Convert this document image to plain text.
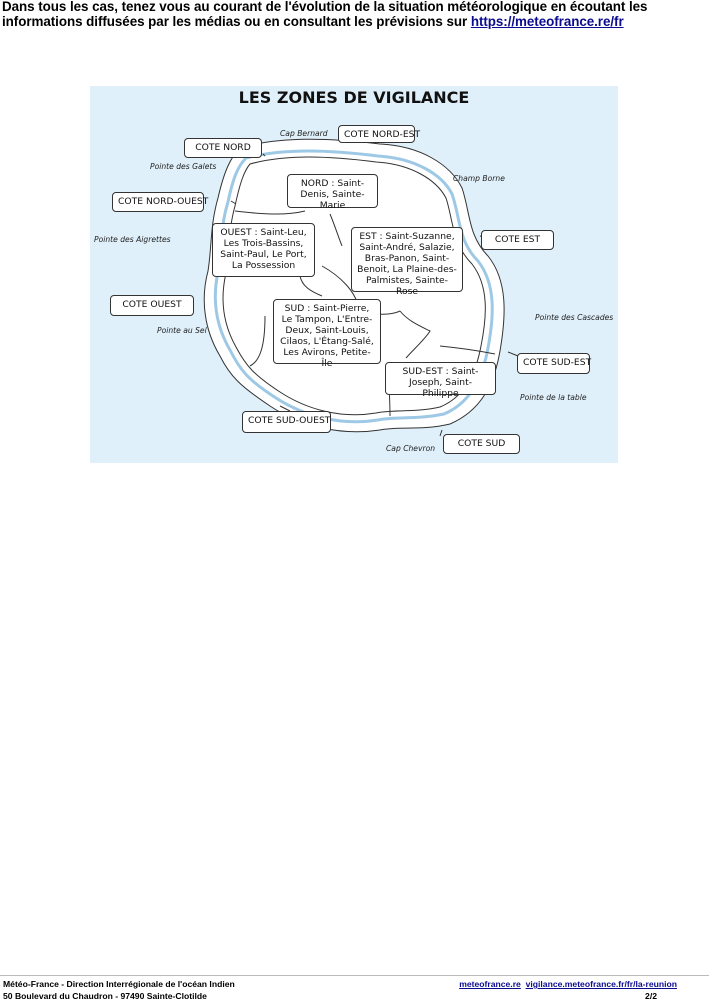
Dans tous les cas, tenez vous au courant de l'évolution de la situation météorologique en écoutant les informations diffusées par les médias ou en consultant les prévisions sur https://meteofrance.re/fr
LES ZONES DE VIGILANCE
NORD : Saint-Denis, Sainte-Marie
OUEST : Saint-Leu, Les Trois-Bassins, Saint-Paul, Le Port, La Possession
EST : Saint-Suzanne, Saint-André, Salazie, Bras-Panon, Saint-Benoit, La Plaine-des-Palmistes, Sainte-Rose
SUD : Saint-Pierre, Le Tampon, L'Entre-Deux, Saint-Louis, Cilaos, L'Étang-Salé, Les Avirons, Petite-Île
SUD-EST : Saint-Joseph, Saint-Philippe
COTE NORD
COTE NORD-EST
COTE NORD-OUEST
COTE EST
COTE OUEST
COTE SUD-EST
COTE SUD-OUEST
COTE SUD
Cap Bernard
Pointe des Galets
Champ Borne
Pointe des Aigrettes
Pointe des Cascades
Pointe au Sel
Pointe de la table
Cap Chevron
Météo-France - Direction Interrégionale de l'océan Indien
50 Boulevard du Chaudron - 97490 Sainte-Clotilde
meteofrance.re vigilance.meteofrance.fr/fr/la-reunion
2/2
